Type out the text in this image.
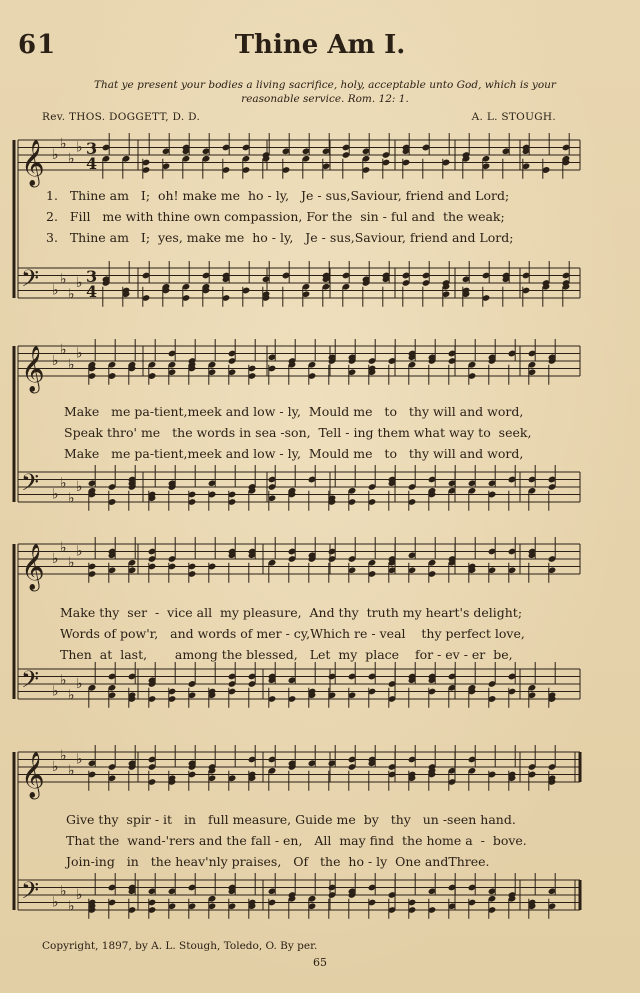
61	Thine Am I.
That ye present your bodies a living sacrifice, holy, acceptable unto God, which is your
reasonable service. Rom. 12: 1.
Rev. THOS. DOGGETT, D. D.	A. L. STOUGH.
𝄞 ♭
♭
♭
♭ 3
4
𝄢 ♭
♭
♭
♭ 3
4
𝄞 ♭
♭
♭
♭
𝄢 ♭
♭
♭
♭
𝄞 ♭
♭
♭
♭
𝄢 ♭
♭
♭
♭
𝄞 ♭
♭
♭
♭
𝄢 ♭
♭
♭
♭
1.   Thine am   I;  oh! make me  ho - ly,   Je - sus,Saviour, friend and Lord;
2.   Fill   me with thine own compassion, For the  sin - ful and  the weak;
3.   Thine am   I;  yes, make me  ho - ly,   Je - sus,Saviour, friend and Lord;
Make   me pa-tient,meek and low - ly,  Mould me   to   thy will and word,
Speak thro' me   the words in sea -son,  Tell - ing them what way to  seek,
Make   me pa-tient,meek and low - ly,  Mould me   to   thy will and word,
Make thy  ser  -  vice all  my pleasure,  And thy  truth my heart's delight;
Words of pow'r,   and words of mer - cy,Which re - veal    thy perfect love,
Then  at  last,       among the blessed,   Let  my  place    for - ev - er  be,
Give thy  spir - it   in   full measure, Guide me  by   thy   un -seen hand.
That the  wand-'rers and the fall - en,   All  may find  the home a  -  bove.
Join-ing   in   the heav'nly praises,   Of   the  ho - ly  One andThree.
Copyright, 1897, by A. L. Stough, Toledo, O. By per.
65
